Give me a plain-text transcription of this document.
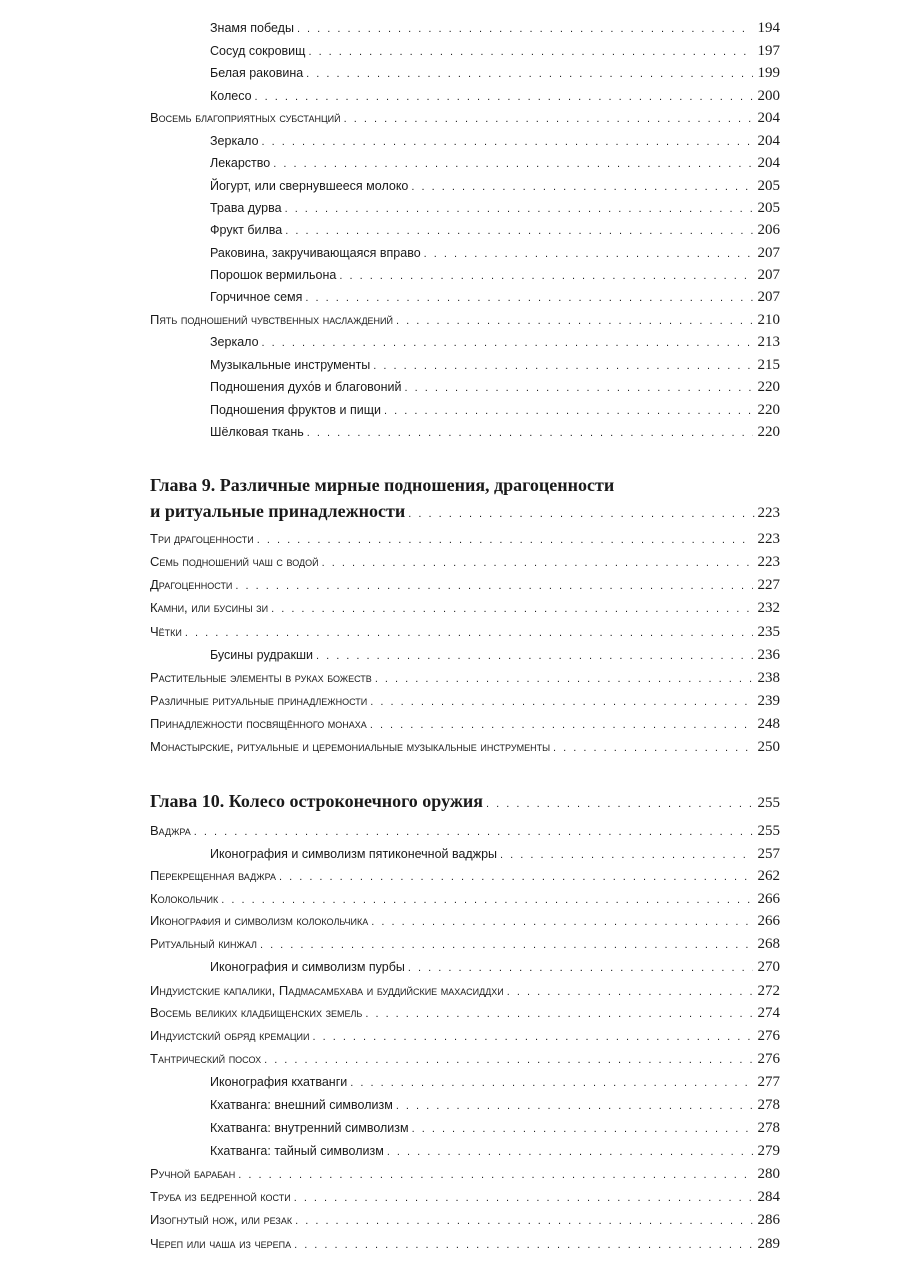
Знамя победы . . .	194
Сосуд сокровищ . . .	197
Белая раковина . . .	199
Колесо . . .	200
Восемь благоприятных субстанций . . .	204
Зеркало . . .	204
Лекарство . . .	204
Йогурт, или свернувшееся молоко . . .	205
Трава дурва . . .	205
Фрукт билва . . .	206
Раковина, закручивающаяся вправо . . .	207
Порошок вермильона . . .	207
Горчичное семя . . .	207
Пять подношений чувственных наслаждений . . .	210
Зеркало . . .	213
Музыкальные инструменты . . .	215
Подношения духо́в и благовоний . . .	220
Подношения фруктов и пищи . . .	220
Шёлковая ткань . . .	220
Глава 9. Различные мирные подношения, драгоценности
и ритуальные принадлежности . . .	223
Три драгоценности . . .	223
Семь подношений чаш с водой . . .	223
Драгоценности . . .	227
Камни, или бусины зи . . .	232
Чётки . . .	235
Бусины рудракши . . .	236
Растительные элементы в руках божеств . . .	238
Различные ритуальные принадлежности . . .	239
Принадлежности посвящённого монаха . . .	248
Монастырские, ритуальные и церемониальные музыкальные инструменты . . .	250
Глава 10. Колесо остроконечного оружия . . .	255
Ваджра . . .	255
Иконография и символизм пятиконечной ваджры . . .	257
Перекрещенная ваджра . . .	262
Колокольчик . . .	266
Иконография и символизм колокольчика . . .	266
Ритуальный кинжал . . .	268
Иконография и символизм пурбы . . .	270
Индуистские капалики, Падмасамбхава и буддийские махасиддхи . . .	272
Восемь великих кладбищенских земель . . .	274
Индуистский обряд кремации . . .	276
Тантрический посох . . .	276
Иконография кхатванги . . .	277
Кхатванга: внешний символизм . . .	278
Кхатванга: внутренний символизм . . .	278
Кхатванга: тайный символизм . . .	279
Ручной барабан . . .	280
Труба из бедренной кости . . .	284
Изогнутый нож, или резак . . .	286
Череп или чаша из черепа . . .	289
